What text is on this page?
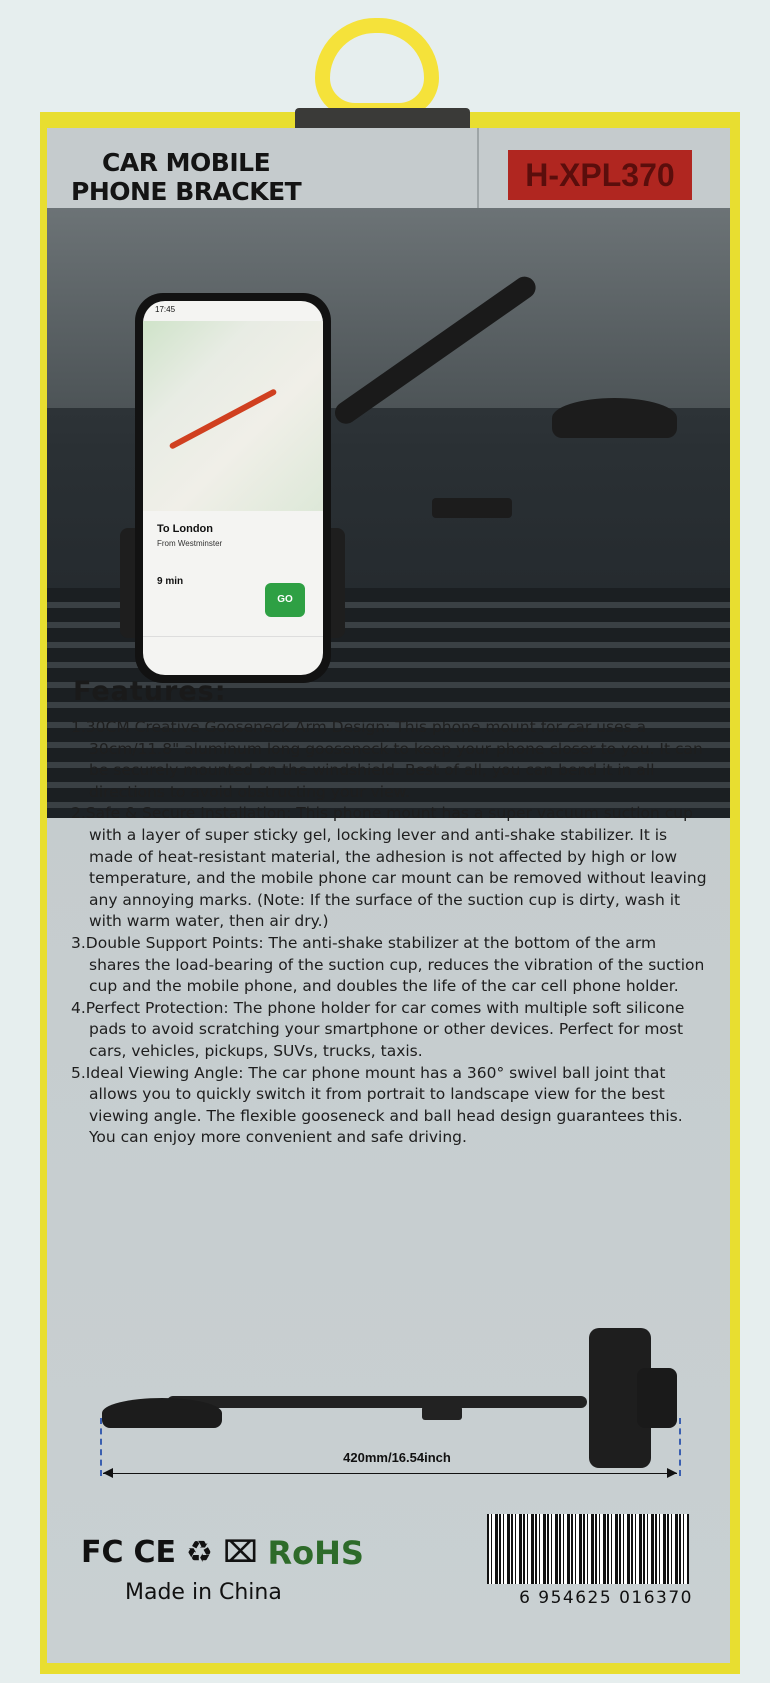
17:45
To London
From Westminster
9 min
GO
CAR MOBILE
PHONE BRACKET	H-XPL370
Features:
1.30CM Creative Gooseneck Arm Design: This phone mount for car uses a 30cm/11.8" aluminum long gooseneck to keep your phone closer to you. It can be securely mounted on the windshield. Best of all, you can bend it in all directions to avoid obstructing your view.
2.Safe & Secure Installation: This phone mount has a super vacuum suction cup with a layer of super sticky gel, locking lever and anti-shake stabilizer. It is made of heat-resistant material, the adhesion is not affected by high or low temperature, and the mobile phone car mount can be removed without leaving any annoying marks. (Note: If the surface of the suction cup is dirty, wash it with warm water, then air dry.)
3.Double Support Points: The anti-shake stabilizer at the bottom of the arm shares the load-bearing of the suction cup, reduces the vibration of the suction cup and the mobile phone, and doubles the life of the car cell phone holder.
4.Perfect Protection: The phone holder for car comes with multiple soft silicone pads to avoid scratching your smartphone or other devices. Perfect for most cars, vehicles, pickups, SUVs, trucks, taxis.
5.Ideal Viewing Angle: The car phone mount has a 360° swivel ball joint that allows you to quickly switch it from portrait to landscape view for the best viewing angle. The flexible gooseneck and ball head design guarantees this. You can enjoy more convenient and safe driving.
420mm/16.54inch
FC CE ♻ ⌧ RoHS
Made in China	6 954625 016370
